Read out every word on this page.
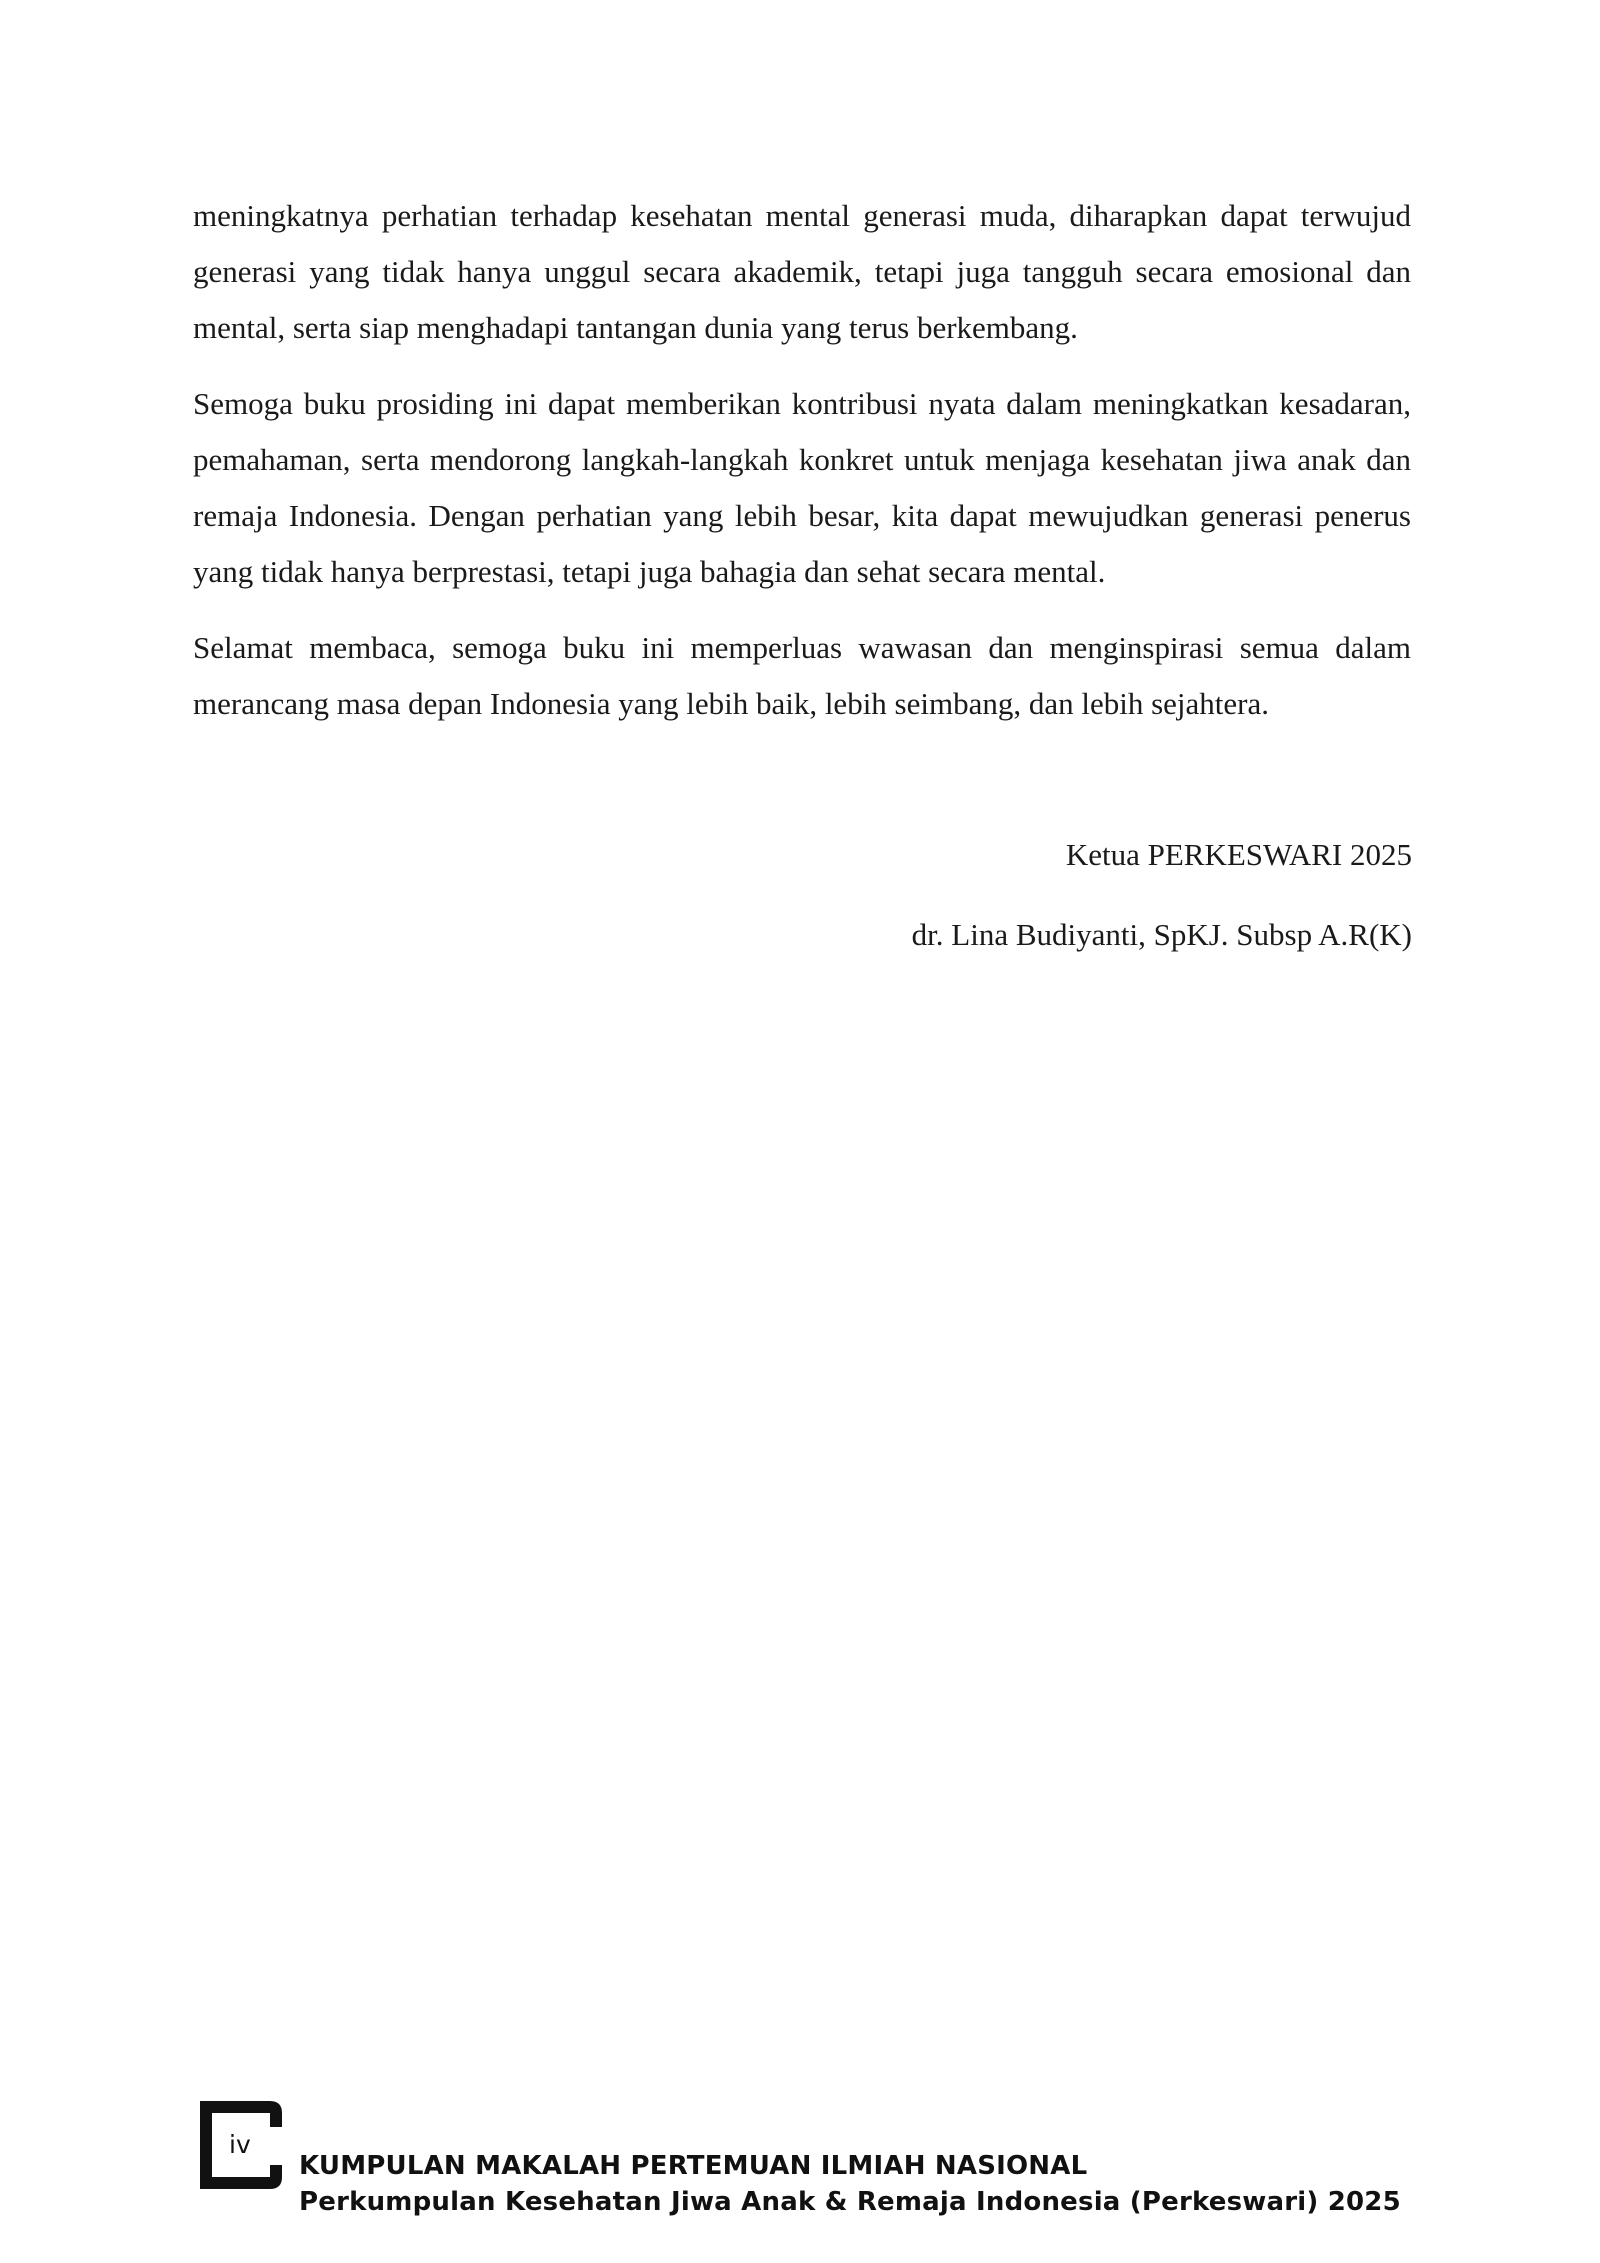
meningkatnya perhatian terhadap kesehatan mental generasi muda, diharapkan dapat terwujud generasi yang tidak hanya unggul secara akademik, tetapi juga tangguh secara emosional dan mental, serta siap menghadapi tantangan dunia yang terus berkembang.

Semoga buku prosiding ini dapat memberikan kontribusi nyata dalam meningkatkan kesadaran, pemahaman, serta mendorong langkah-langkah konkret untuk menjaga kesehatan jiwa anak dan remaja Indonesia. Dengan perhatian yang lebih besar, kita dapat mewujudkan generasi penerus yang tidak hanya berprestasi, tetapi juga bahagia dan sehat secara mental.

Selamat membaca, semoga buku ini memperluas wawasan dan menginspirasi semua dalam merancang masa depan Indonesia yang lebih baik, lebih seimbang, dan lebih sejahtera.

Ketua PERKESWARI 2025
dr. Lina Budiyanti, SpKJ. Subsp A.R(K)
iv
KUMPULAN MAKALAH PERTEMUAN ILMIAH NASIONAL
Perkumpulan Kesehatan Jiwa Anak & Remaja Indonesia (Perkeswari) 2025
